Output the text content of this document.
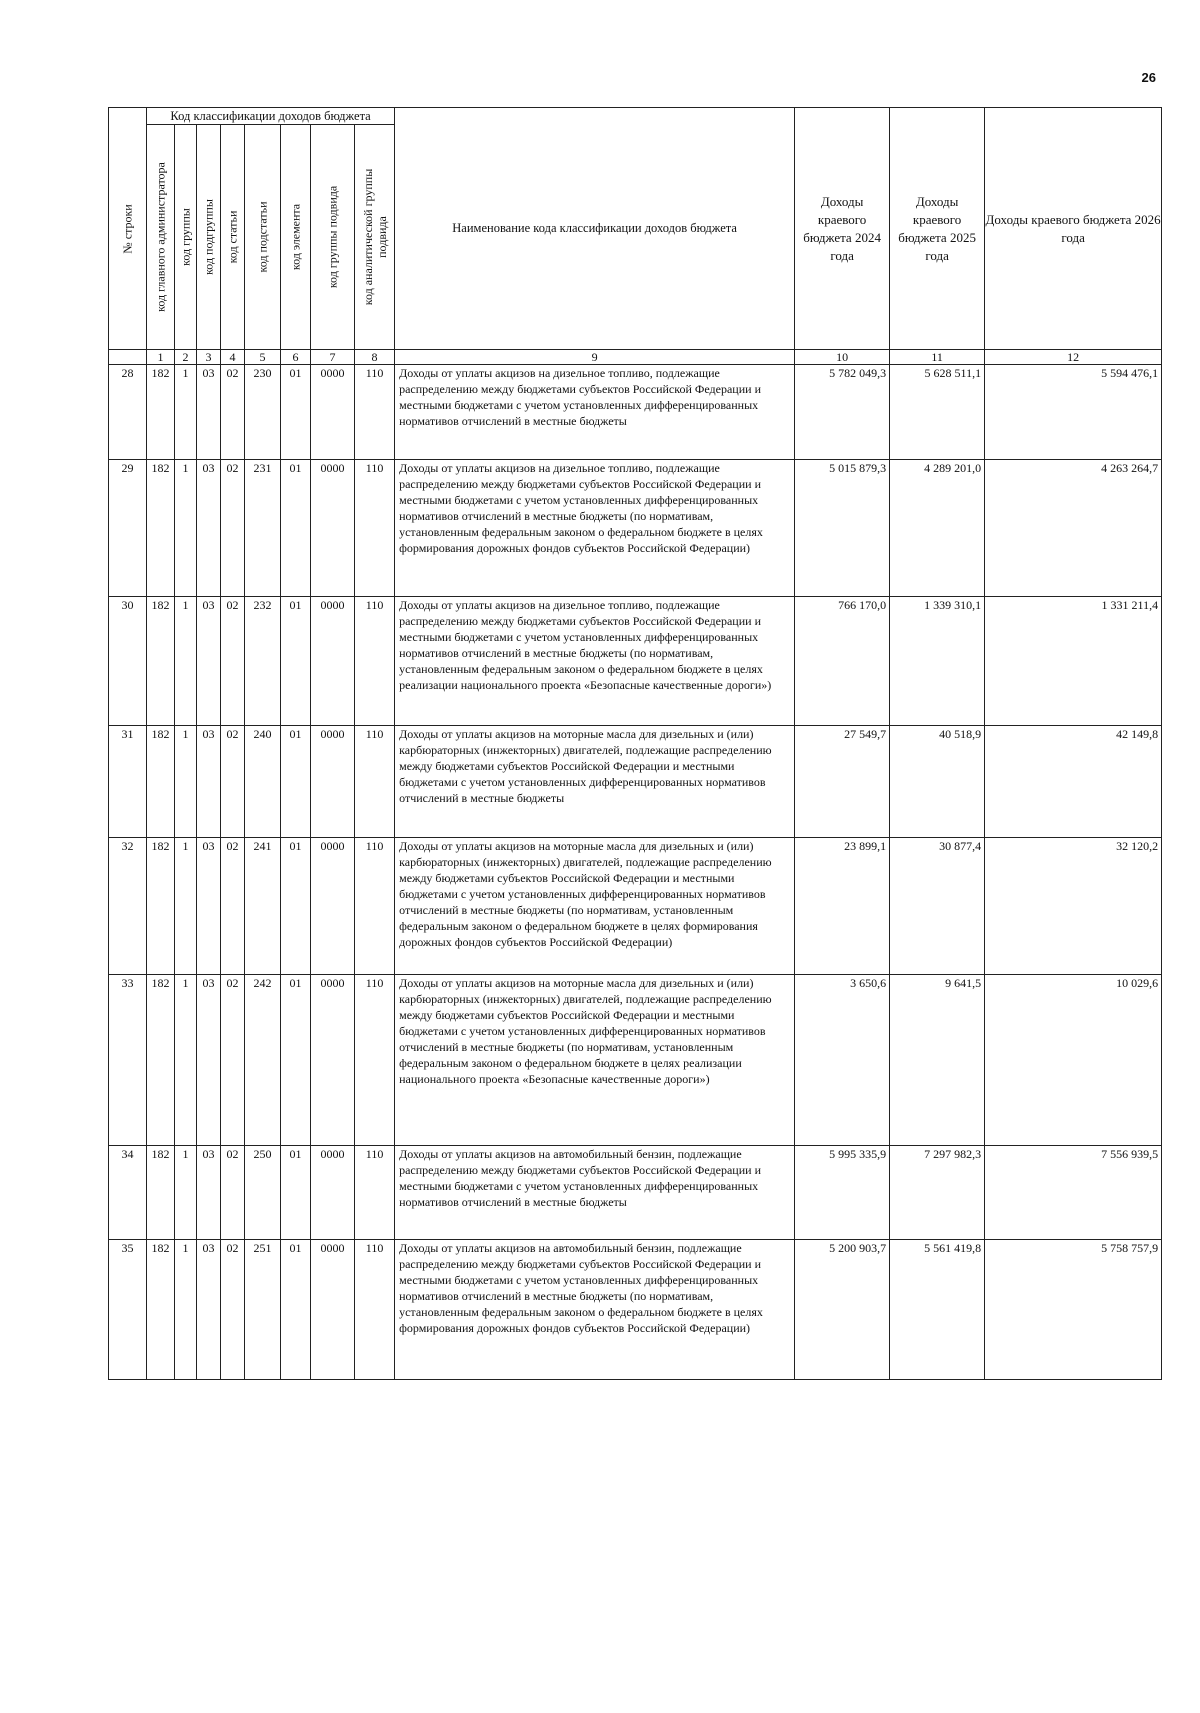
26
№ строки	Код классификации доходов бюджета								Наименование кода классификации доходов бюджета	Доходы краевого бюджета 2024 года	Доходы краевого бюджета 2025 года	Доходы краевого бюджета 2026 года

	код главного администратора	код группы	код подгруппы	код статьи	код подстатьи	код элемента	код группы подвида	код аналитической группы подвида				

	1	2	3	4	5	6	7	8	9	10	11	12
28	182	1	03	02	230	01	0000	110	Доходы от уплаты акцизов на дизельное топливо, подлежащие распределению между бюджетами субъектов Российской Федерации и местными бюджетами с учетом установленных дифференцированных нормативов отчислений в местные бюджеты	5 782 049,3	5 628 511,1	5 594 476,1
29	182	1	03	02	231	01	0000	110	Доходы от уплаты акцизов на дизельное топливо, подлежащие распределению между бюджетами субъектов Российской Федерации и местными бюджетами с учетом установленных дифференцированных нормативов отчислений в местные бюджеты (по нормативам, установленным федеральным законом о федеральном бюджете в целях формирования дорожных фондов субъектов Российской Федерации)	5 015 879,3	4 289 201,0	4 263 264,7
30	182	1	03	02	232	01	0000	110	Доходы от уплаты акцизов на дизельное топливо, подлежащие распределению между бюджетами субъектов Российской Федерации и местными бюджетами с учетом установленных дифференцированных нормативов отчислений в местные бюджеты (по нормативам, установленным федеральным законом о федеральном бюджете в целях реализации национального проекта «Безопасные качественные дороги»)	766 170,0	1 339 310,1	1 331 211,4
31	182	1	03	02	240	01	0000	110	Доходы от уплаты акцизов на моторные масла для дизельных и (или) карбюраторных (инжекторных) двигателей, подлежащие распределению между бюджетами субъектов Российской Федерации и местными бюджетами с учетом установленных дифференцированных нормативов отчислений в местные бюджеты	27 549,7	40 518,9	42 149,8
32	182	1	03	02	241	01	0000	110	Доходы от уплаты акцизов на моторные масла для дизельных и (или) карбюраторных (инжекторных) двигателей, подлежащие распределению между бюджетами субъектов Российской Федерации и местными бюджетами с учетом установленных дифференцированных нормативов отчислений в местные бюджеты (по нормативам, установленным федеральным законом о федеральном бюджете в целях формирования дорожных фондов субъектов Российской Федерации)	23 899,1	30 877,4	32 120,2
33	182	1	03	02	242	01	0000	110	Доходы от уплаты акцизов на моторные масла для дизельных и (или) карбюраторных (инжекторных) двигателей, подлежащие распределению между бюджетами субъектов Российской Федерации и местными бюджетами с учетом установленных дифференцированных нормативов отчислений в местные бюджеты (по нормативам, установленным федеральным законом о федеральном бюджете в целях реализации национального проекта «Безопасные качественные дороги»)	3 650,6	9 641,5	10 029,6
34	182	1	03	02	250	01	0000	110	Доходы от уплаты акцизов на автомобильный бензин, подлежащие распределению между бюджетами субъектов Российской Федерации и местными бюджетами с учетом установленных дифференцированных нормативов отчислений в местные бюджеты	5 995 335,9	7 297 982,3	7 556 939,5
35	182	1	03	02	251	01	0000	110	Доходы от уплаты акцизов на автомобильный бензин, подлежащие распределению между бюджетами субъектов Российской Федерации и местными бюджетами с учетом установленных дифференцированных нормативов отчислений в местные бюджеты (по нормативам, установленным федеральным законом о федеральном бюджете в целях формирования дорожных фондов субъектов Российской Федерации)	5 200 903,7	5 561 419,8	5 758 757,9
